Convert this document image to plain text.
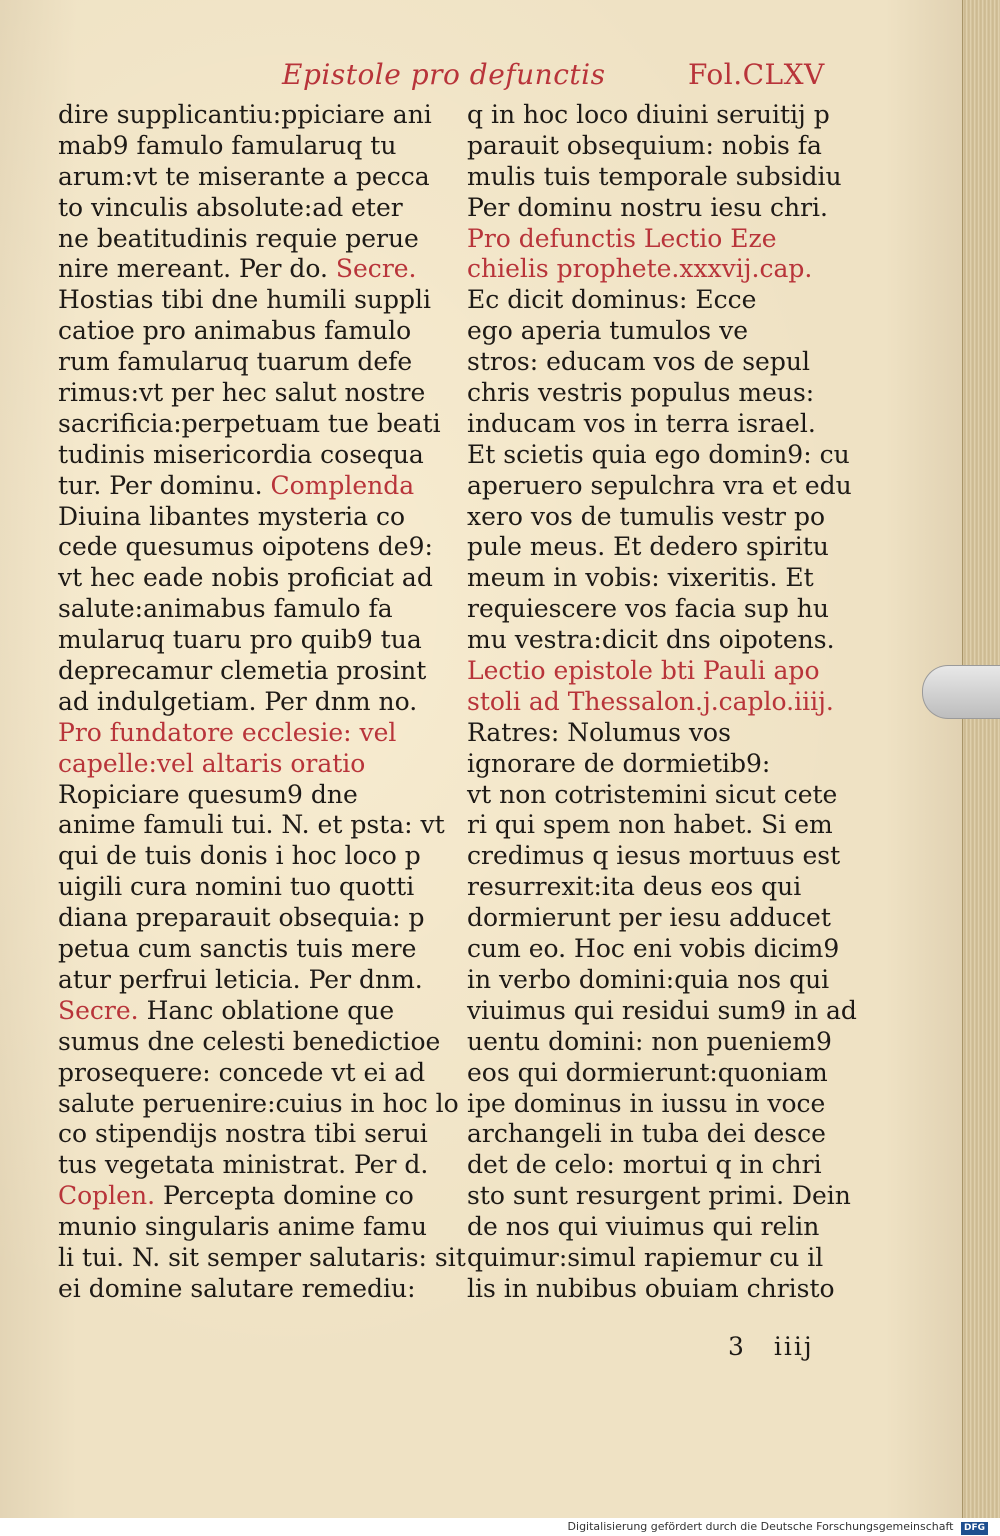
Epistole pro defunctis	Fol.CLXV
dire supplicantiu:ppiciare ani
mab9 famulo famularuq tu
arum:vt te miserante a pecca
to vinculis absolute:ad eter
ne beatitudinis requie perue
nire mereant. Per do. Secre.
Hostias tibi dne humili suppli
catioe pro animabus famulo
rum famularuq tuarum defe
rimus:vt per hec salut nostre
sacrificia:perpetuam tue beati
tudinis misericordia cosequa
tur. Per dominu. Complenda
Diuina libantes mysteria co
cede quesumus oipotens de9:
vt hec eade nobis proficiat ad
salute:animabus famulo fa
mularuq tuaru pro quib9 tua
deprecamur clemetia prosint
ad indulgetiam. Per dnm no.
Pro fundatore ecclesie: vel
capelle:vel altaris oratio
Ropiciare quesum9 dne
anime famuli tui. N. et psta: vt
qui de tuis donis i hoc loco p
uigili cura nomini tuo quotti
diana preparauit obsequia: p
petua cum sanctis tuis mere
atur perfrui leticia. Per dnm.
Secre. Hanc oblatione que
sumus dne celesti benedictioe
prosequere: concede vt ei ad
salute peruenire:cuius in hoc lo
co stipendijs nostra tibi serui
tus vegetata ministrat. Per d.
Coplen. Percepta domine co
munio singularis anime famu
li tui. N. sit semper salutaris: sit
ei domine salutare remediu:
q in hoc loco diuini seruitij p
parauit obsequium: nobis fa
mulis tuis temporale subsidiu
Per dominu nostru iesu chri.
Pro defunctis Lectio Eze
chielis prophete.xxxvij.cap.
Ec dicit dominus: Ecce
ego aperia tumulos ve
stros: educam vos de sepul
chris vestris populus meus:
inducam vos in terra israel.
Et scietis quia ego domin9: cu
aperuero sepulchra vra et edu
xero vos de tumulis vestr po
pule meus. Et dedero spiritu
meum in vobis: vixeritis. Et
requiescere vos facia sup hu
mu vestra:dicit dns oipotens.
Lectio epistole bti Pauli apo
stoli ad Thessalon.j.caplo.iiij.
Ratres: Nolumus vos
ignorare de dormietib9:
vt non cotristemini sicut cete
ri qui spem non habet. Si em
credimus q iesus mortuus est
resurrexit:ita deus eos qui
dormierunt per iesu adducet
cum eo. Hoc eni vobis dicim9
in verbo domini:quia nos qui
viuimus qui residui sum9 in ad
uentu domini: non pueniem9
eos qui dormierunt:quoniam
ipe dominus in iussu in voce
archangeli in tuba dei desce
det de celo: mortui q in chri
sto sunt resurgent primi. Dein
de nos qui viuimus qui relin
quimur:simul rapiemur cu il
lis in nubibus obuiam christo
3 iiij
Digitalisierung gefördert durch die Deutsche Forschungsgemeinschaft DFG
